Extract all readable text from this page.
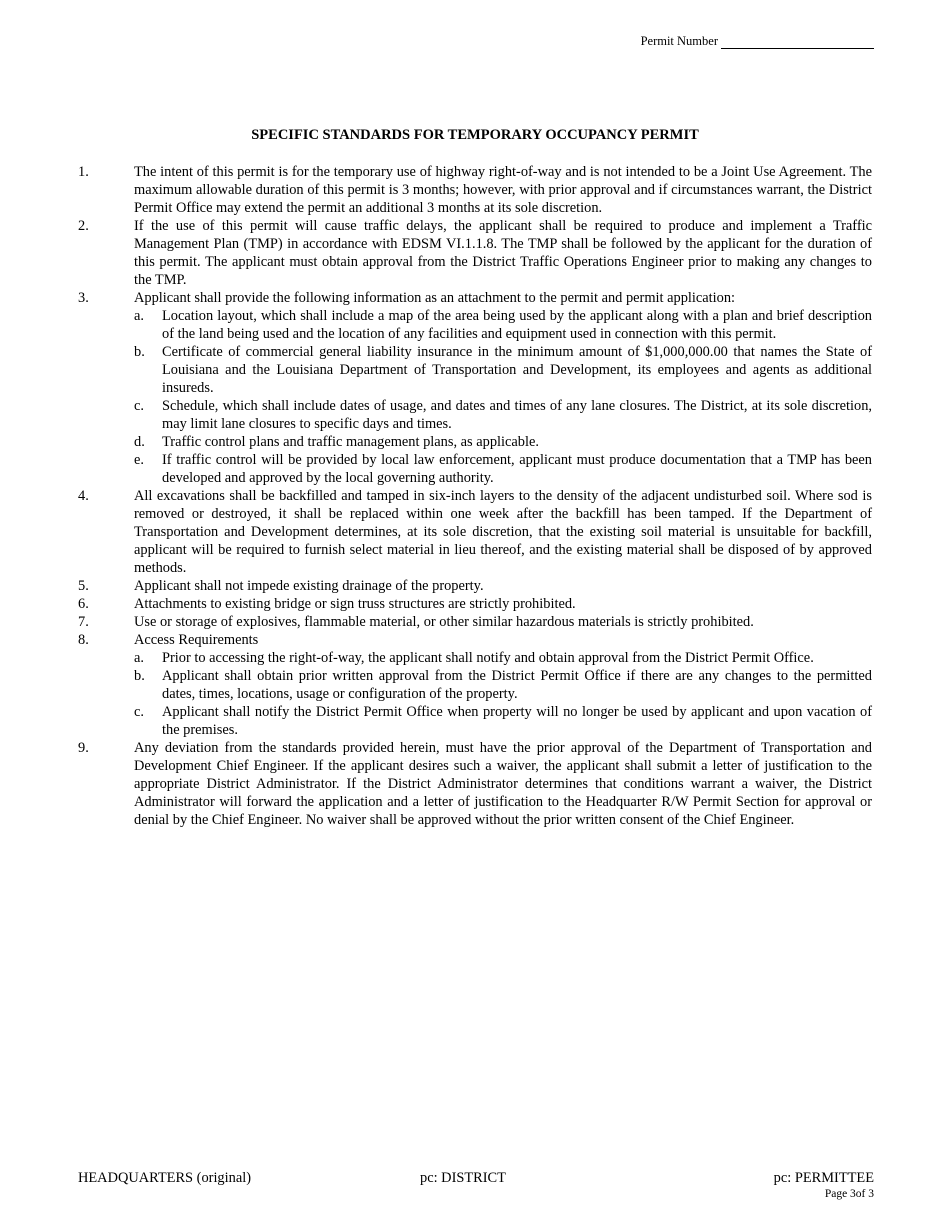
Permit Number
SPECIFIC STANDARDS FOR TEMPORARY OCCUPANCY PERMIT
1.	The intent of this permit is for the temporary use of highway right-of-way and is not intended to be a Joint Use Agreement. The maximum allowable duration of this permit is 3 months; however, with prior approval and if circumstances warrant, the District Permit Office may extend the permit an additional 3 months at its sole discretion.
2.	If the use of this permit will cause traffic delays, the applicant shall be required to produce and implement a Traffic Management Plan (TMP) in accordance with EDSM VI.1.1.8. The TMP shall be followed by the applicant for the duration of this permit. The applicant must obtain approval from the District Traffic Operations Engineer prior to making any changes to the TMP.
3.	Applicant shall provide the following information as an attachment to the permit and permit application:
a.	Location layout, which shall include a map of the area being used by the applicant along with a plan and brief description of the land being used and the location of any facilities and equipment used in connection with this permit.
b.	Certificate of commercial general liability insurance in the minimum amount of $1,000,000.00 that names the State of Louisiana and the Louisiana Department of Transportation and Development, its employees and agents as additional insureds.
c.	Schedule, which shall include dates of usage, and dates and times of any lane closures. The District, at its sole discretion, may limit lane closures to specific days and times.
d.	Traffic control plans and traffic management plans, as applicable.
e.	If traffic control will be provided by local law enforcement, applicant must produce documentation that a TMP has been developed and approved by the local governing authority.
4.	All excavations shall be backfilled and tamped in six-inch layers to the density of the adjacent undisturbed soil. Where sod is removed or destroyed, it shall be replaced within one week after the backfill has been tamped. If the Department of Transportation and Development determines, at its sole discretion, that the existing soil material is unsuitable for backfill, applicant will be required to furnish select material in lieu thereof, and the existing material shall be disposed of by approved methods.
5.	Applicant shall not impede existing drainage of the property.
6.	Attachments to existing bridge or sign truss structures are strictly prohibited.
7.	Use or storage of explosives, flammable material, or other similar hazardous materials is strictly prohibited.
8.	Access Requirements
a.	Prior to accessing the right-of-way, the applicant shall notify and obtain approval from the District Permit Office.
b.	Applicant shall obtain prior written approval from the District Permit Office if there are any changes to the permitted dates, times, locations, usage or configuration of the property.
c.	Applicant shall notify the District Permit Office when property will no longer be used by applicant and upon vacation of the premises.
9.	Any deviation from the standards provided herein, must have the prior approval of the Department of Transportation and Development Chief Engineer. If the applicant desires such a waiver, the applicant shall submit a letter of justification to the appropriate District Administrator. If the District Administrator determines that conditions warrant a waiver, the District Administrator will forward the application and a letter of justification to the Headquarter R/W Permit Section for approval or denial by the Chief Engineer. No waiver shall be approved without the prior written consent of the Chief Engineer.
HEADQUARTERS (original)	pc: DISTRICT	pc: PERMITTEE
Page 3of 3
